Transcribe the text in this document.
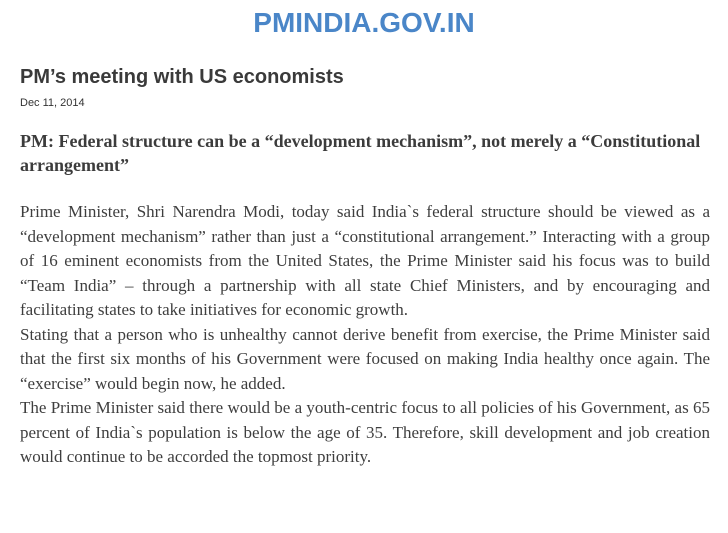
PMINDIA.GOV.IN
PM’s meeting with US economists
Dec 11, 2014
PM: Federal structure can be a “development mechanism”, not merely a “Constitutional arrangement”

Prime Minister, Shri Narendra Modi, today said India`s federal structure should be viewed as a “development mechanism” rather than just a “constitutional arrangement.” Interacting with a group of 16 eminent economists from the United States, the Prime Minister said his focus was to build “Team India” – through a partnership with all state Chief Ministers, and by encouraging and facilitating states to take initiatives for economic growth.

Stating that a person who is unhealthy cannot derive benefit from exercise, the Prime Minister said that the first six months of his Government were focused on making India healthy once again. The “exercise” would begin now, he added.

The Prime Minister said there would be a youth-centric focus to all policies of his Government, as 65 percent of India`s population is below the age of 35. Therefore, skill development and job creation would continue to be accorded the topmost priority.
